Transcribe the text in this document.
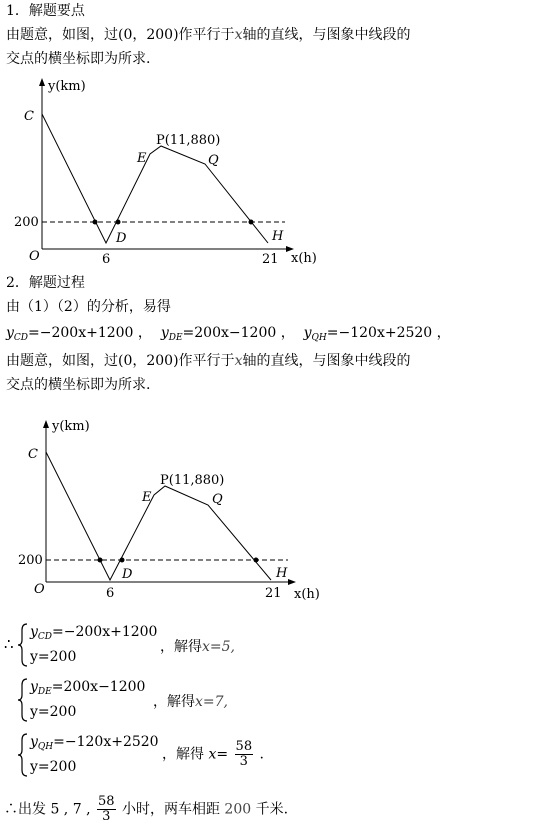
1．解题要点
由题意，如图，过(0，200)作平行于x轴的直线，与图象中线段的
交点的横坐标即为所求.
y(km)
x(h)
O
C
D
E
P(11,880)
Q
H
200
6	21
2．解题过程
由（1）（2）的分析，易得
$y_{CD}=-200x+1200$ ， $y_{DE}=200x-1200$ ， $y_{QH}=-120x+2520$ ，
由题意，如图，过(0，200)作平行于x轴的直线，与图象中线段的
交点的横坐标即为所求.
y(km)
x(h)
O
C
D
E
P(11,880)
Q
H
200
6	21
∴
$y_{CD}=-200x+1200$
y=200
，解得x=5,
$y_{DE}=200x-1200$
y=200
，解得x=7,
$y_{QH}=-120x+2520$
y=200
，解得 $x= \frac{58}{3}$ .
∴出发 5 , 7 , $\frac{58}{3}$ 小时，两车相距 200 千米.
